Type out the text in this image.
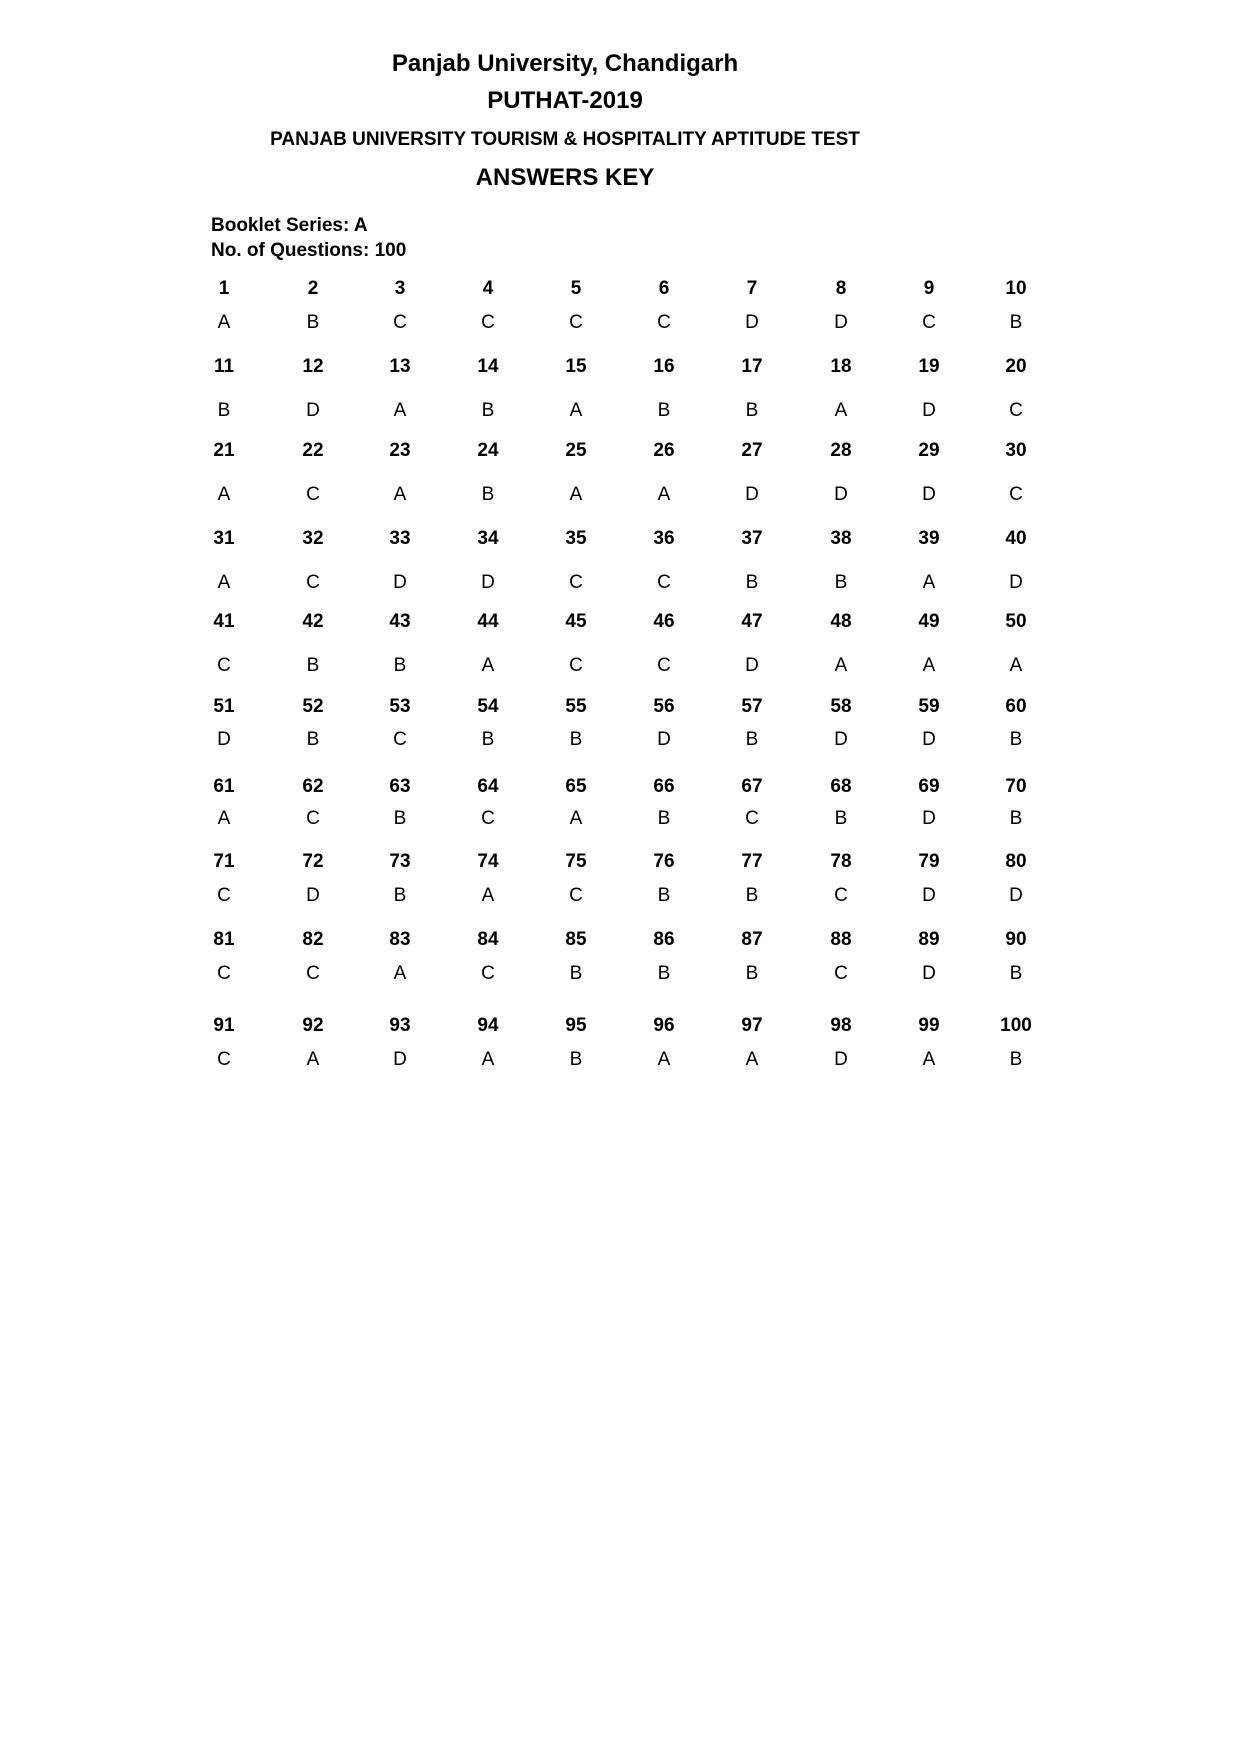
Panjab University, Chandigarh
PUTHAT-2019
PANJAB UNIVERSITY TOURISM & HOSPITALITY APTITUDE TEST
ANSWERS KEY
Booklet Series: A
No. of Questions: 100
1
A
2
B
3
C
4
C
5
C
6
C
7
D
8
D
9
C
10
B
11
B
12
D
13
A
14
B
15
A
16
B
17
B
18
A
19
D
20
C
21
A
22
C
23
A
24
B
25
A
26
A
27
D
28
D
29
D
30
C
31
A
32
C
33
D
34
D
35
C
36
C
37
B
38
B
39
A
40
D
41
C
42
B
43
B
44
A
45
C
46
C
47
D
48
A
49
A
50
A
51
D
52
B
53
C
54
B
55
B
56
D
57
B
58
D
59
D
60
B
61
A
62
C
63
B
64
C
65
A
66
B
67
C
68
B
69
D
70
B
71
C
72
D
73
B
74
A
75
C
76
B
77
B
78
C
79
D
80
D
81
C
82
C
83
A
84
C
85
B
86
B
87
B
88
C
89
D
90
B
91
C
92
A
93
D
94
A
95
B
96
A
97
A
98
D
99
A
100
B
